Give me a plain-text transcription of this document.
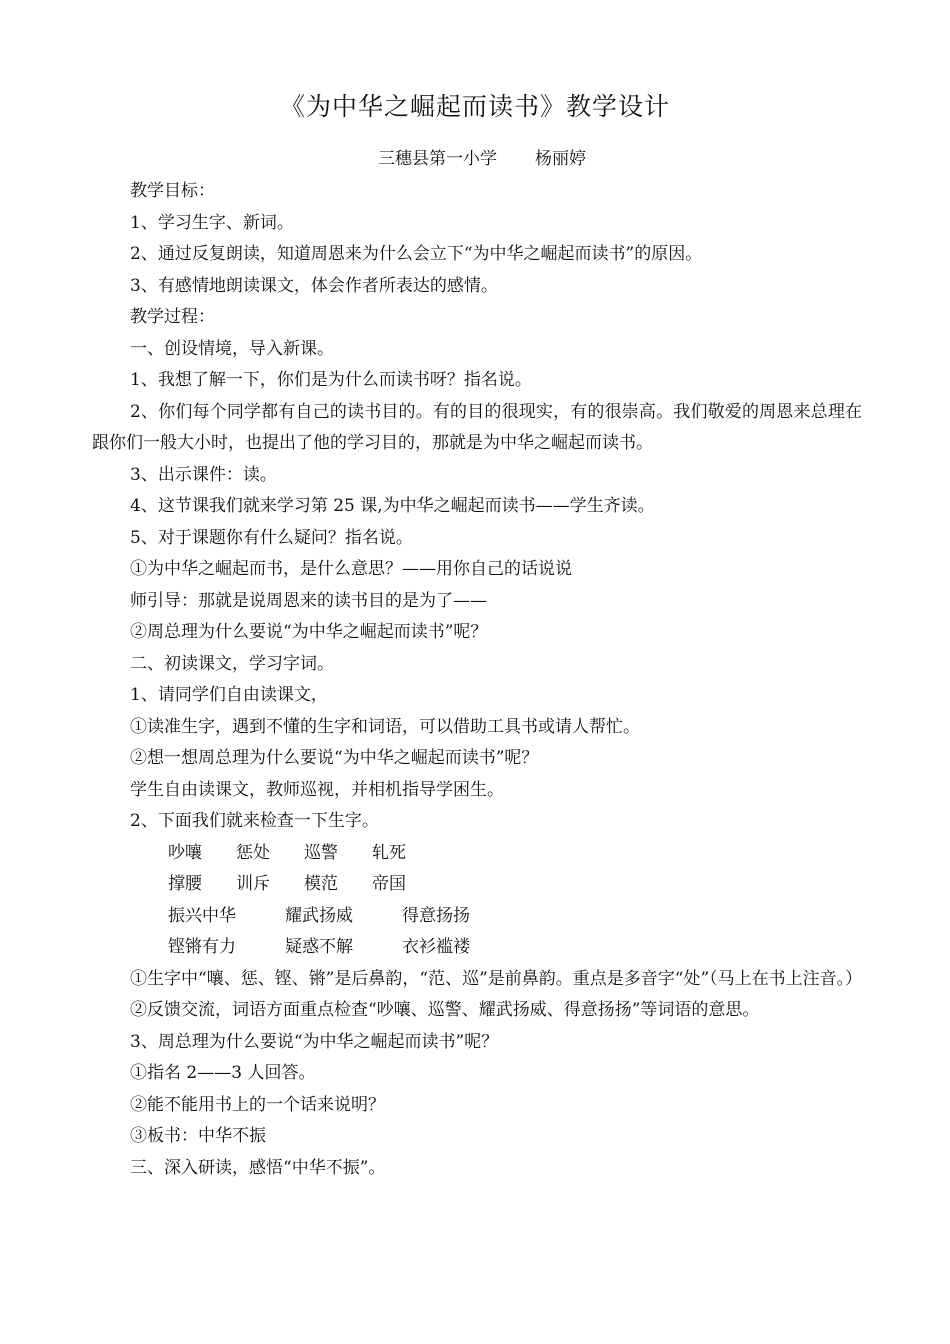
《为中华之崛起而读书》教学设计
三穗县第一小学 杨丽婷

教学目标：

1、学习生字、新词。

2、通过反复朗读，知道周恩来为什么会立下“为中华之崛起而读书”的原因。

3、有感情地朗读课文，体会作者所表达的感情。

教学过程：

一、创设情境，导入新课。

1、我想了解一下，你们是为什么而读书呀？指名说。

2、你们每个同学都有自己的读书目的。有的目的很现实，有的很崇高。我们敬爱的周恩来总理在跟你们一般大小时，也提出了他的学习目的，那就是为中华之崛起而读书。

3、出示课件：读。

4、这节课我们就来学习第 25 课,为中华之崛起而读书——学生齐读。

5、对于课题你有什么疑问？指名说。

①为中华之崛起而书，是什么意思？——用你自己的话说说

师引导：那就是说周恩来的读书目的是为了——

②周总理为什么要说“为中华之崛起而读书”呢？

二、初读课文，学习字词。

1、请同学们自由读课文，

①读准生字，遇到不懂的生字和词语，可以借助工具书或请人帮忙。

②想一想周总理为什么要说“为中华之崛起而读书”呢？

学生自由读课文，教师巡视，并相机指导学困生。

2、下面我们就来检查一下生字。

吵嚷 惩处 巡警 轧死

撑腰 训斥 模范 帝国

振兴中华	耀武扬威	得意扬扬

铿锵有力	疑惑不解	衣衫褴褛

①生字中“嚷、惩、铿、锵”是后鼻韵，“范、巡”是前鼻韵。重点是多音字“处”（马上在书上注音。）

②反馈交流，词语方面重点检查“吵嚷、巡警、耀武扬威、得意扬扬”等词语的意思。

3、周总理为什么要说“为中华之崛起而读书”呢？

①指名 2——3 人回答。

②能不能用书上的一个话来说明？

③板书：中华不振

三、深入研读，感悟“中华不振”。
